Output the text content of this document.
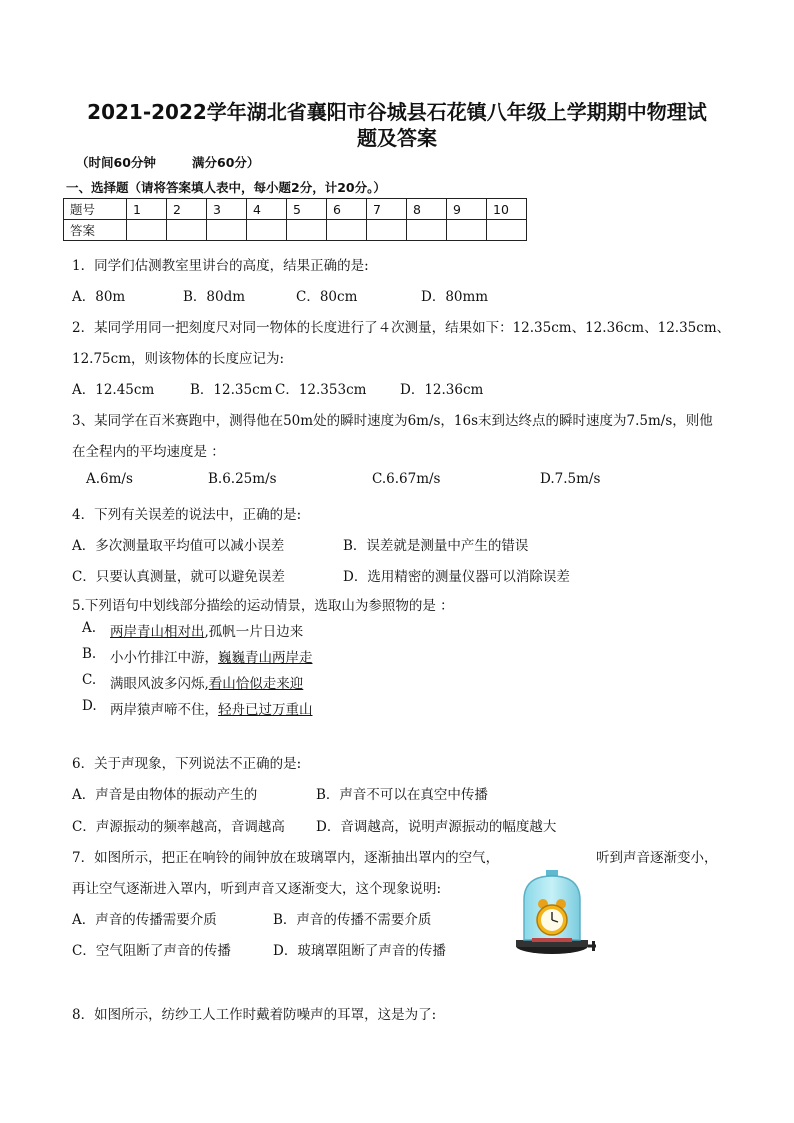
2021-2022学年湖北省襄阳市谷城县石花镇八年级上学期期中物理试
题及答案
（时间60分钟	满分60分）
一、选择题（请将答案填人表中，每小题2分，计20分。）
题号	1	2	3	4	5	6	7	8	9	10
答案										
1．同学们估测教室里讲台的高度，结果正确的是:
A．80m	B．80dm	C．80cm	D．80mm
2．某同学用同一把刻度尺对同一物体的长度进行了４次测量，结果如下：12.35cm、12.36cm、12.35cm、
12.75cm，则该物体的长度应记为:
A．12.45cm	B．12.35cm C．12.353cm D．12.36cm
3、某同学在百米赛跑中，测得他在50m处的瞬时速度为6m/s，16s末到达终点的瞬时速度为7.5m/s，则他
在全程内的平均速度是 ：
A.6m/s	B.6.25m/s	C.6.67m/s	D.7.5m/s
4．下列有关误差的说法中，正确的是:
A．多次测量取平均值可以减小误差	B．误差就是测量中产生的错误
C．只要认真测量，就可以避免误差	D．选用精密的测量仪器可以消除误差
5.下列语句中划线部分描绘的运动情景，选取山为参照物的是 ：
A. 两岸青山相对出,孤帆一片日边来
B. 小小竹排江中游，巍巍青山两岸走
C. 满眼风波多闪烁,看山恰似走来迎
D. 两岸猿声啼不住，轻舟已过万重山
6．关于声现象，下列说法不正确的是:
A．声音是由物体的振动产生的	B．声音不可以在真空中传播
C．声源振动的频率越高，音调越高 D．音调越高，说明声源振动的幅度越大
7．如图所示，把正在响铃的闹钟放在玻璃罩内，逐渐抽出罩内的空气，	听到声音逐渐变小，
再让空气逐渐进入罩内，听到声音又逐渐变大，这个现象说明:
A．声音的传播需要介质	B．声音的传播不需要介质
C．空气阻断了声音的传播	D．玻璃罩阻断了声音的传播
8．如图所示，纺纱工人工作时戴着防噪声的耳罩，这是为了:
